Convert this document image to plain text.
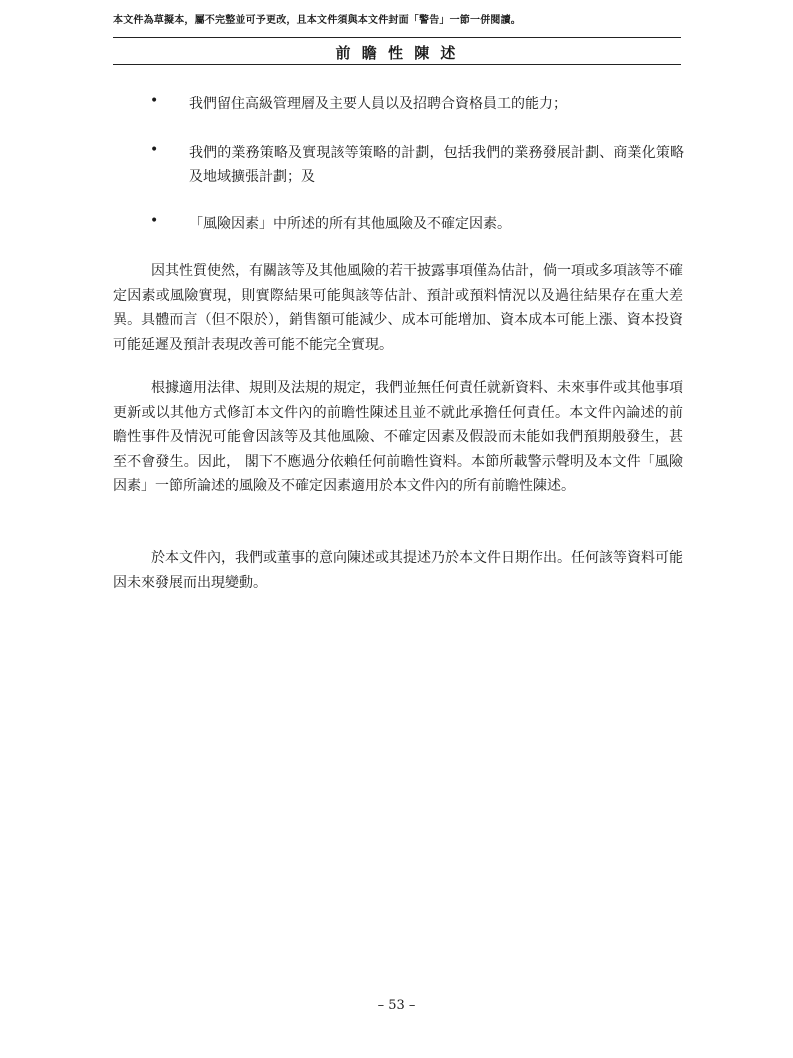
本文件為草擬本，屬不完整並可予更改，且本文件須與本文件封面「警告」一節一併閱讀。
前 瞻 性 陳 述
• 我們留住高級管理層及主要人員以及招聘合資格員工的能力；
• 我們的業務策略及實現該等策略的計劃，包括我們的業務發展計劃、商業化策略及地域擴張計劃；及
• 「風險因素」中所述的所有其他風險及不確定因素。
因其性質使然，有關該等及其他風險的若干披露事項僅為估計，倘一項或多項該等不確定因素或風險實現，則實際結果可能與該等估計、預計或預料情況以及過往結果存在重大差異。具體而言（但不限於），銷售額可能減少、成本可能增加、資本成本可能上漲、資本投資可能延遲及預計表現改善可能不能完全實現。
根據適用法律、規則及法規的規定，我們並無任何責任就新資料、未來事件或其他事項更新或以其他方式修訂本文件內的前瞻性陳述且並不就此承擔任何責任。本文件內論述的前瞻性事件及情況可能會因該等及其他風險、不確定因素及假設而未能如我們預期般發生，甚至不會發生。因此， 閣下不應過分依賴任何前瞻性資料。本節所載警示聲明及本文件「風險因素」一節所論述的風險及不確定因素適用於本文件內的所有前瞻性陳述。
於本文件內，我們或董事的意向陳述或其提述乃於本文件日期作出。任何該等資料可能因未來發展而出現變動。
– 53 –
